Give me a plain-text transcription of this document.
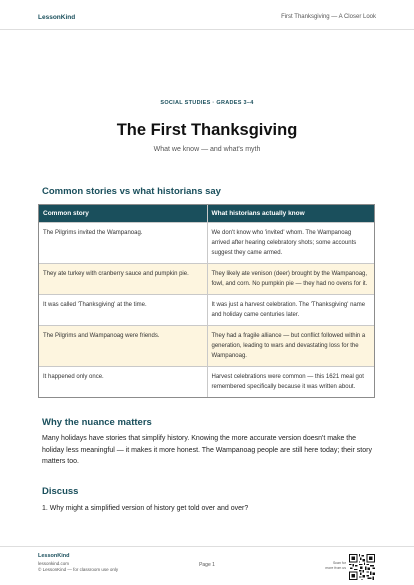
LessonKind	First Thanksgiving — A Closer Look
SOCIAL STUDIES · GRADES 3–4
The First Thanksgiving
What we know — and what's myth
Common stories vs what historians say
Common story	What historians actually know
The Pilgrims invited the Wampanoag.	We don't know who 'invited' whom. The Wampanoag arrived after hearing celebratory shots; some accounts suggest they came armed.
They ate turkey with cranberry sauce and pumpkin pie.	They likely ate venison (deer) brought by the Wampanoag, fowl, and corn. No pumpkin pie — they had no ovens for it.
It was called 'Thanksgiving' at the time.	It was just a harvest celebration. The 'Thanksgiving' name and holiday came centuries later.
The Pilgrims and Wampanoag were friends.	They had a fragile alliance — but conflict followed within a generation, leading to wars and devastating loss for the Wampanoag.
It happened only once.	Harvest celebrations were common — this 1621 meal got remembered specifically because it was written about.
Why the nuance matters

Many holidays have stories that simplify history. Knowing the more accurate version doesn't make the holiday less meaningful — it makes it more honest. The Wampanoag people are still here today; their story matters too.

Discuss

1. Why might a simplified version of history get told over and over?

LessonKind
lessonkind.com
© LessonKind — for classroom use only
Page 1	Scan for
more from us
